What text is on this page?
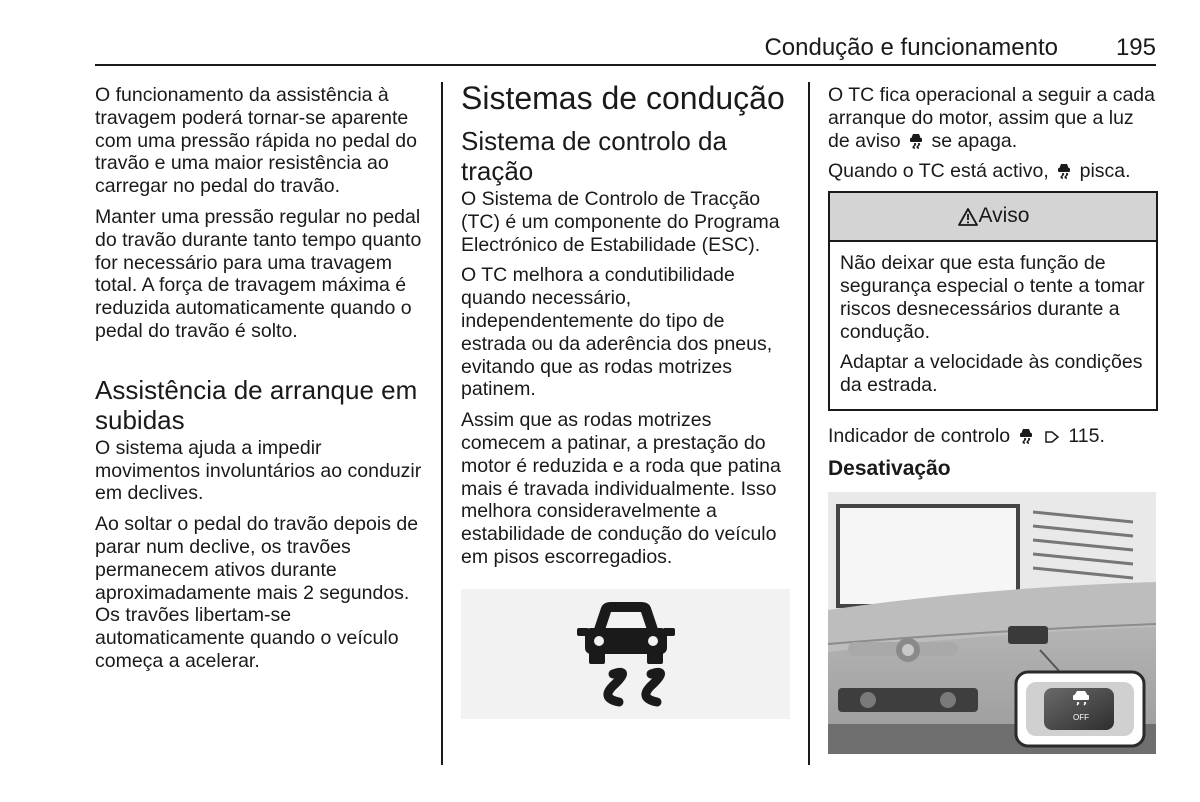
Condução e funcionamento 195

O funcionamento da assistência à travagem poderá tornar-se aparente com uma pressão rápida no pedal do travão e uma maior resistência ao carregar no pedal do travão.

Manter uma pressão regular no pedal do travão durante tanto tempo quanto for necessário para uma travagem total. A força de travagem máxima é reduzida automaticamente quando o pedal do travão é solto.

Assistência de arranque em subidas

O sistema ajuda a impedir movimentos involuntários ao conduzir em declives.

Ao soltar o pedal do travão depois de parar num declive, os travões permanecem ativos durante aproximadamente mais 2 segundos. Os travões libertam-se automaticamente quando o veículo começa a acelerar.

Sistemas de condução
Sistema de controlo da tração

O Sistema de Controlo de Tracção (TC) é um componente do Programa Electrónico de Estabilidade (ESC).

O TC melhora a condutibilidade quando necessário, independentemente do tipo de estrada ou da aderência dos pneus, evitando que as rodas motrizes patinem.

Assim que as rodas motrizes comecem a patinar, a prestação do motor é reduzida e a roda que patina mais é travada individualmente. Isso melhora consideravelmente a estabilidade de condução do veículo em pisos escorregadios.

O TC fica operacional a seguir a cada arranque do motor, assim que a luz de aviso se apaga.

Quando o TC está activo, pisca.

Aviso

Não deixar que esta função de segurança especial o tente a tomar riscos desnecessários durante a condução.

Adaptar a velocidade às condições da estrada.

Indicador de controlo	115.

Desativação
OFF
